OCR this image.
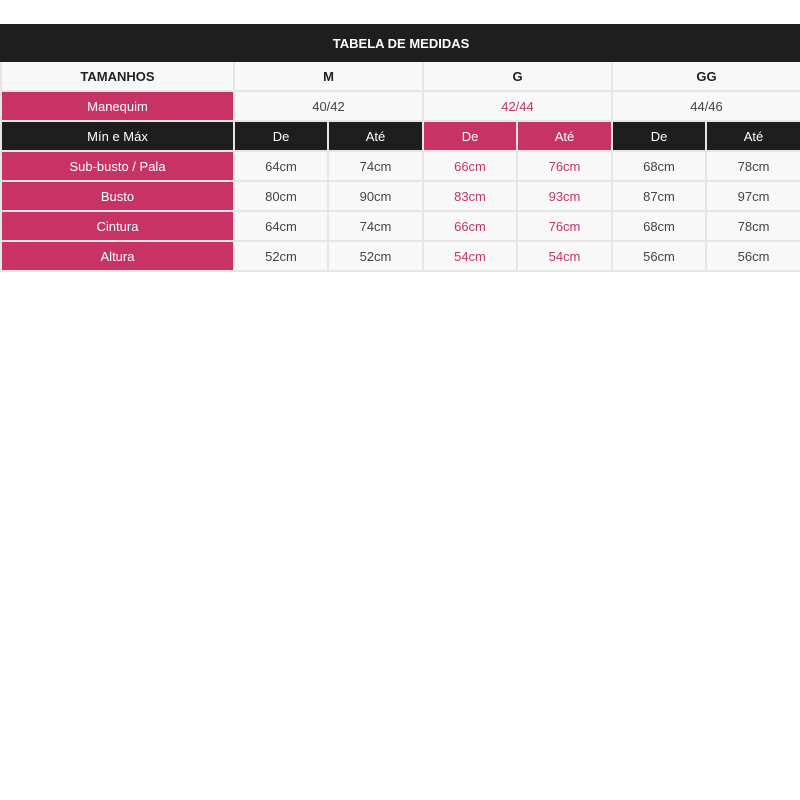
TABELA DE MEDIDAS						
TAMANHOS	M		G		GG	
Manequim	40/42		42/44		44/46	
Mín e Máx	De	Até	De	Até	De	Até
Sub-busto / Pala	64cm	74cm	66cm	76cm	68cm	78cm
Busto	80cm	90cm	83cm	93cm	87cm	97cm
Cintura	64cm	74cm	66cm	76cm	68cm	78cm
Altura	52cm	52cm	54cm	54cm	56cm	56cm
